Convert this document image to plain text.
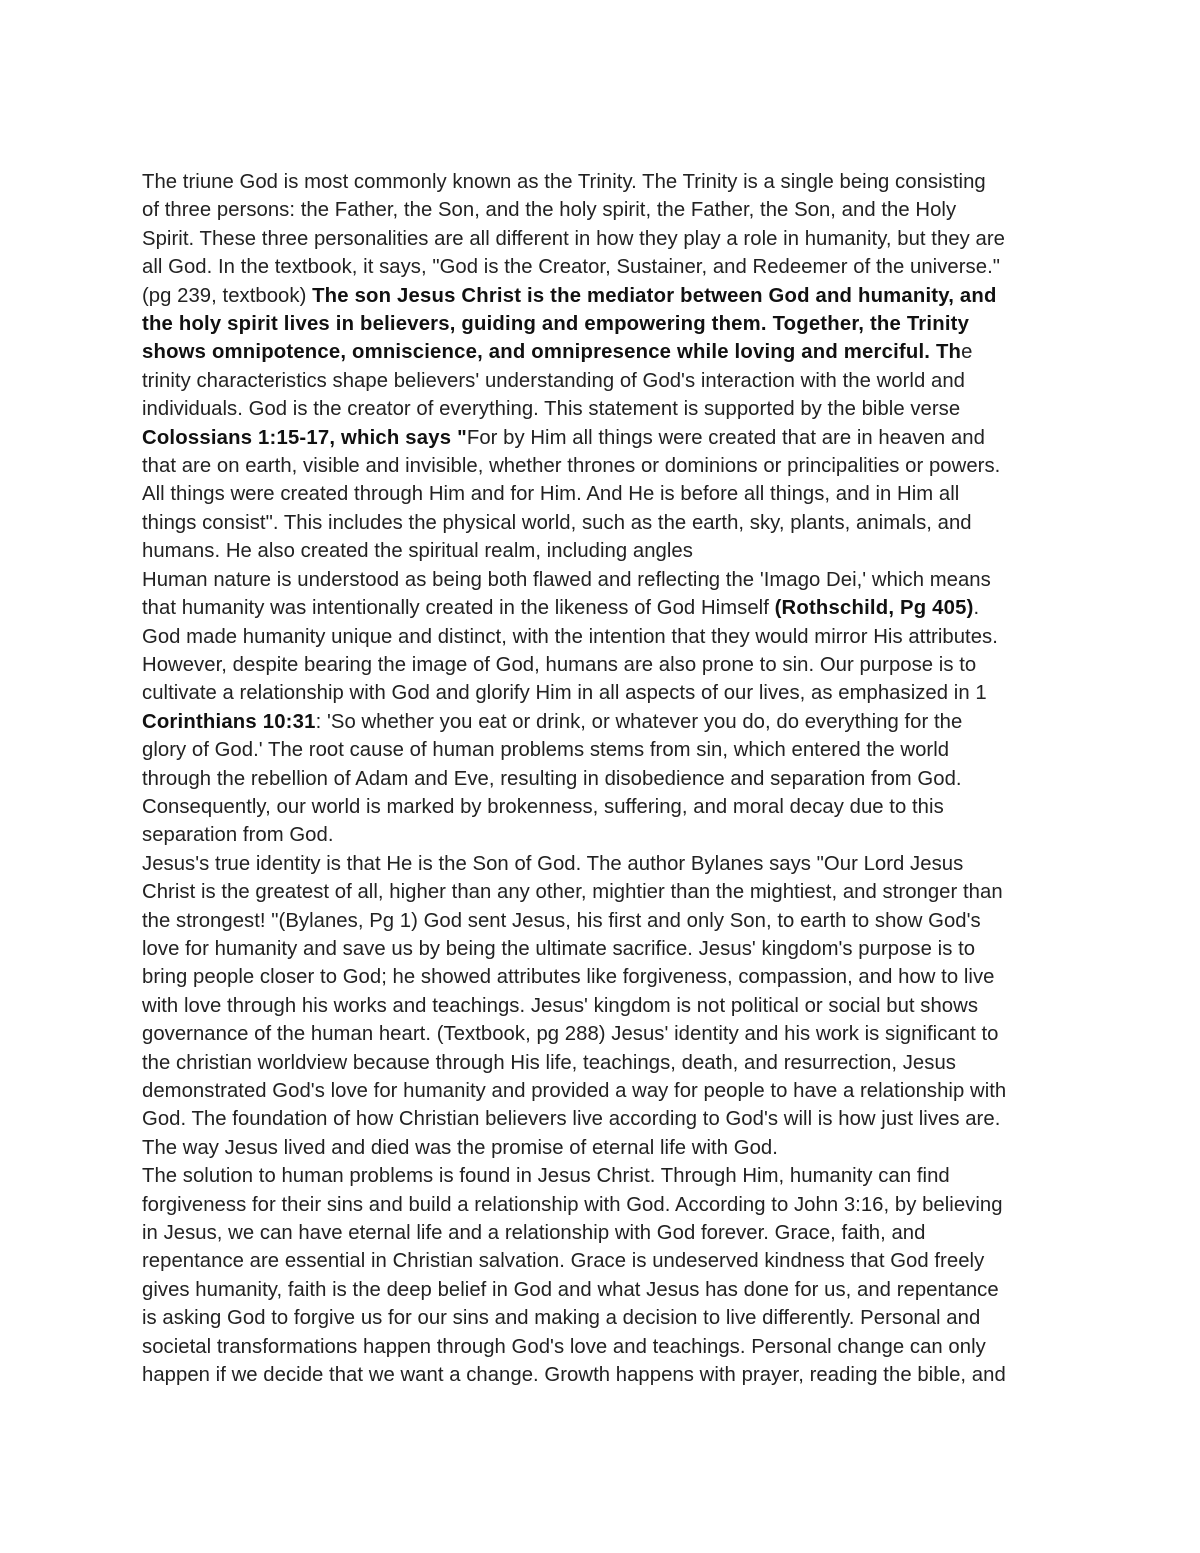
The triune God is most commonly known as the Trinity. The Trinity is a single being consisting
of three persons: the Father, the Son, and the holy spirit, the Father, the Son, and the Holy
Spirit. These three personalities are all different in how they play a role in humanity, but they are
all God. In the textbook, it says, "God is the Creator, Sustainer, and Redeemer of the universe."
(pg 239, textbook) The son Jesus Christ is the mediator between God and humanity, and
the holy spirit lives in believers, guiding and empowering them. Together, the Trinity
shows omnipotence, omniscience, and omnipresence while loving and merciful. The
trinity characteristics shape believers' understanding of God's interaction with the world and
individuals. God is the creator of everything. This statement is supported by the bible verse
Colossians 1:15-17, which says "For by Him all things were created that are in heaven and
that are on earth, visible and invisible, whether thrones or dominions or principalities or powers.
All things were created through Him and for Him. And He is before all things, and in Him all
things consist". This includes the physical world, such as the earth, sky, plants, animals, and
humans. He also created the spiritual realm, including angles
Human nature is understood as being both flawed and reflecting the 'Imago Dei,' which means
that humanity was intentionally created in the likeness of God Himself (Rothschild, Pg 405).
God made humanity unique and distinct, with the intention that they would mirror His attributes.
However, despite bearing the image of God, humans are also prone to sin. Our purpose is to
cultivate a relationship with God and glorify Him in all aspects of our lives, as emphasized in 1
Corinthians 10:31: 'So whether you eat or drink, or whatever you do, do everything for the
glory of God.' The root cause of human problems stems from sin, which entered the world
through the rebellion of Adam and Eve, resulting in disobedience and separation from God.
Consequently, our world is marked by brokenness, suffering, and moral decay due to this
separation from God.
Jesus's true identity is that He is the Son of God. The author Bylanes says "Our Lord Jesus
Christ is the greatest of all, higher than any other, mightier than the mightiest, and stronger than
the strongest! "(Bylanes, Pg 1) God sent Jesus, his first and only Son, to earth to show God's
love for humanity and save us by being the ultimate sacrifice. Jesus' kingdom's purpose is to
bring people closer to God; he showed attributes like forgiveness, compassion, and how to live
with love through his works and teachings. Jesus' kingdom is not political or social but shows
governance of the human heart. (Textbook, pg 288) Jesus' identity and his work is significant to
the christian worldview because through His life, teachings, death, and resurrection, Jesus
demonstrated God's love for humanity and provided a way for people to have a relationship with
God. The foundation of how Christian believers live according to God's will is how just lives are.
The way Jesus lived and died was the promise of eternal life with God.
The solution to human problems is found in Jesus Christ. Through Him, humanity can find
forgiveness for their sins and build a relationship with God. According to John 3:16, by believing
in Jesus, we can have eternal life and a relationship with God forever. Grace, faith, and
repentance are essential in Christian salvation. Grace is undeserved kindness that God freely
gives humanity, faith is the deep belief in God and what Jesus has done for us, and repentance
is asking God to forgive us for our sins and making a decision to live differently. Personal and
societal transformations happen through God's love and teachings. Personal change can only
happen if we decide that we want a change. Growth happens with prayer, reading the bible, and
